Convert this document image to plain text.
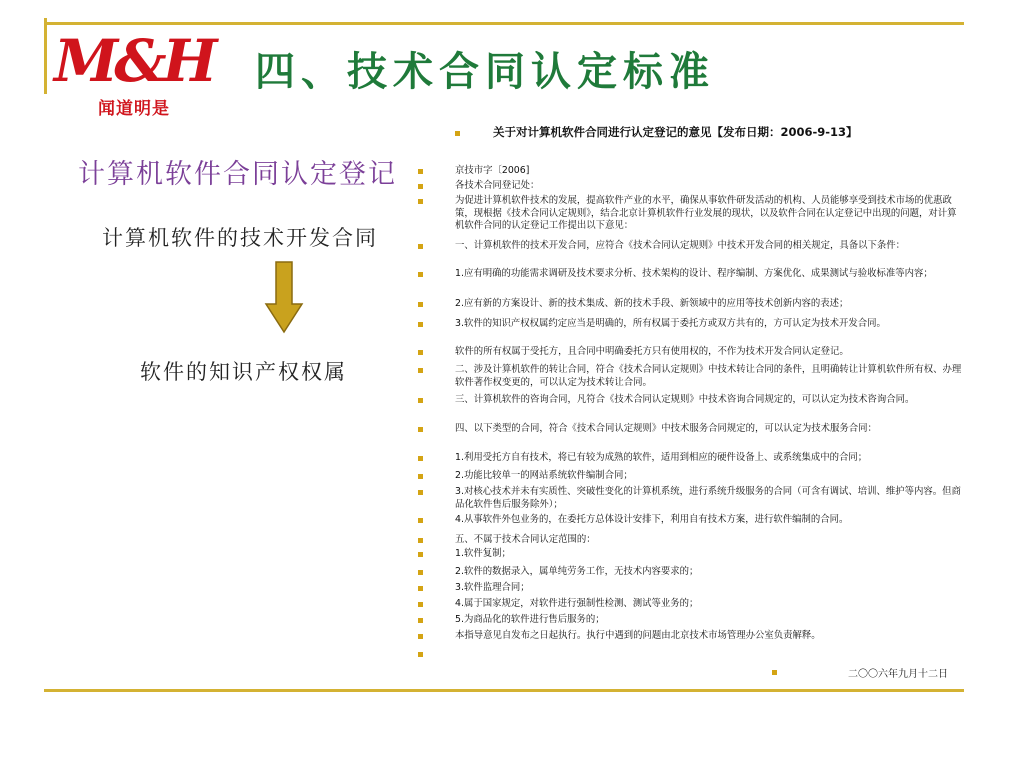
M&H
闻道明是
四、技术合同认定标准
计算机软件合同认定登记
计算机软件的技术开发合同
软件的知识产权权属
关于对计算机软件合同进行认定登记的意见【发布日期：2006-9-13】
京技市字〔2006]
各技术合同登记处：
为促进计算机软件技术的发展，提高软件产业的水平，确保从事软件研发活动的机构、人员能够享受到技术市场的优惠政策，现根据《技术合同认定规则》，结合北京计算机软件行业发展的现状，以及软件合同在认定登记中出现的问题，对计算机软件合同的认定登记工作提出以下意见：
一、计算机软件的技术开发合同，应符合《技术合同认定规则》中技术开发合同的相关规定，具备以下条件：
1.应有明确的功能需求调研及技术要求分析、技术架构的设计、程序编制、方案优化、成果测试与验收标准等内容；
2.应有新的方案设计、新的技术集成、新的技术手段、新领域中的应用等技术创新内容的表述；
3.软件的知识产权权属约定应当是明确的，所有权属于委托方或双方共有的，方可认定为技术开发合同。
软件的所有权属于受托方，且合同中明确委托方只有使用权的，不作为技术开发合同认定登记。
二、涉及计算机软件的转让合同，符合《技术合同认定规则》中技术转让合同的条件，且明确转让计算机软件所有权、办理软件著作权变更的，可以认定为技术转让合同。
三、计算机软件的咨询合同，凡符合《技术合同认定规则》中技术咨询合同规定的，可以认定为技术咨询合同。
四、以下类型的合同，符合《技术合同认定规则》中技术服务合同规定的，可以认定为技术服务合同：
1.利用受托方自有技术，将已有较为成熟的软件，适用到相应的硬件设备上、或系统集成中的合同；
2.功能比较单一的网站系统软件编制合同；
3.对核心技术并未有实质性、突破性变化的计算机系统，进行系统升级服务的合同（可含有调试、培训、维护等内容。但商品化软件售后服务除外）；
4.从事软件外包业务的，在委托方总体设计安排下，利用自有技术方案，进行软件编制的合同。
五、不属于技术合同认定范围的：
1.软件复制；
2.软件的数据录入，属单纯劳务工作，无技术内容要求的；
3.软件监理合同；
4.属于国家规定，对软件进行强制性检测、测试等业务的；
5.为商品化的软件进行售后服务的；
本指导意见自发布之日起执行。执行中遇到的问题由北京技术市场管理办公室负责解释。
二〇〇六年九月十二日
